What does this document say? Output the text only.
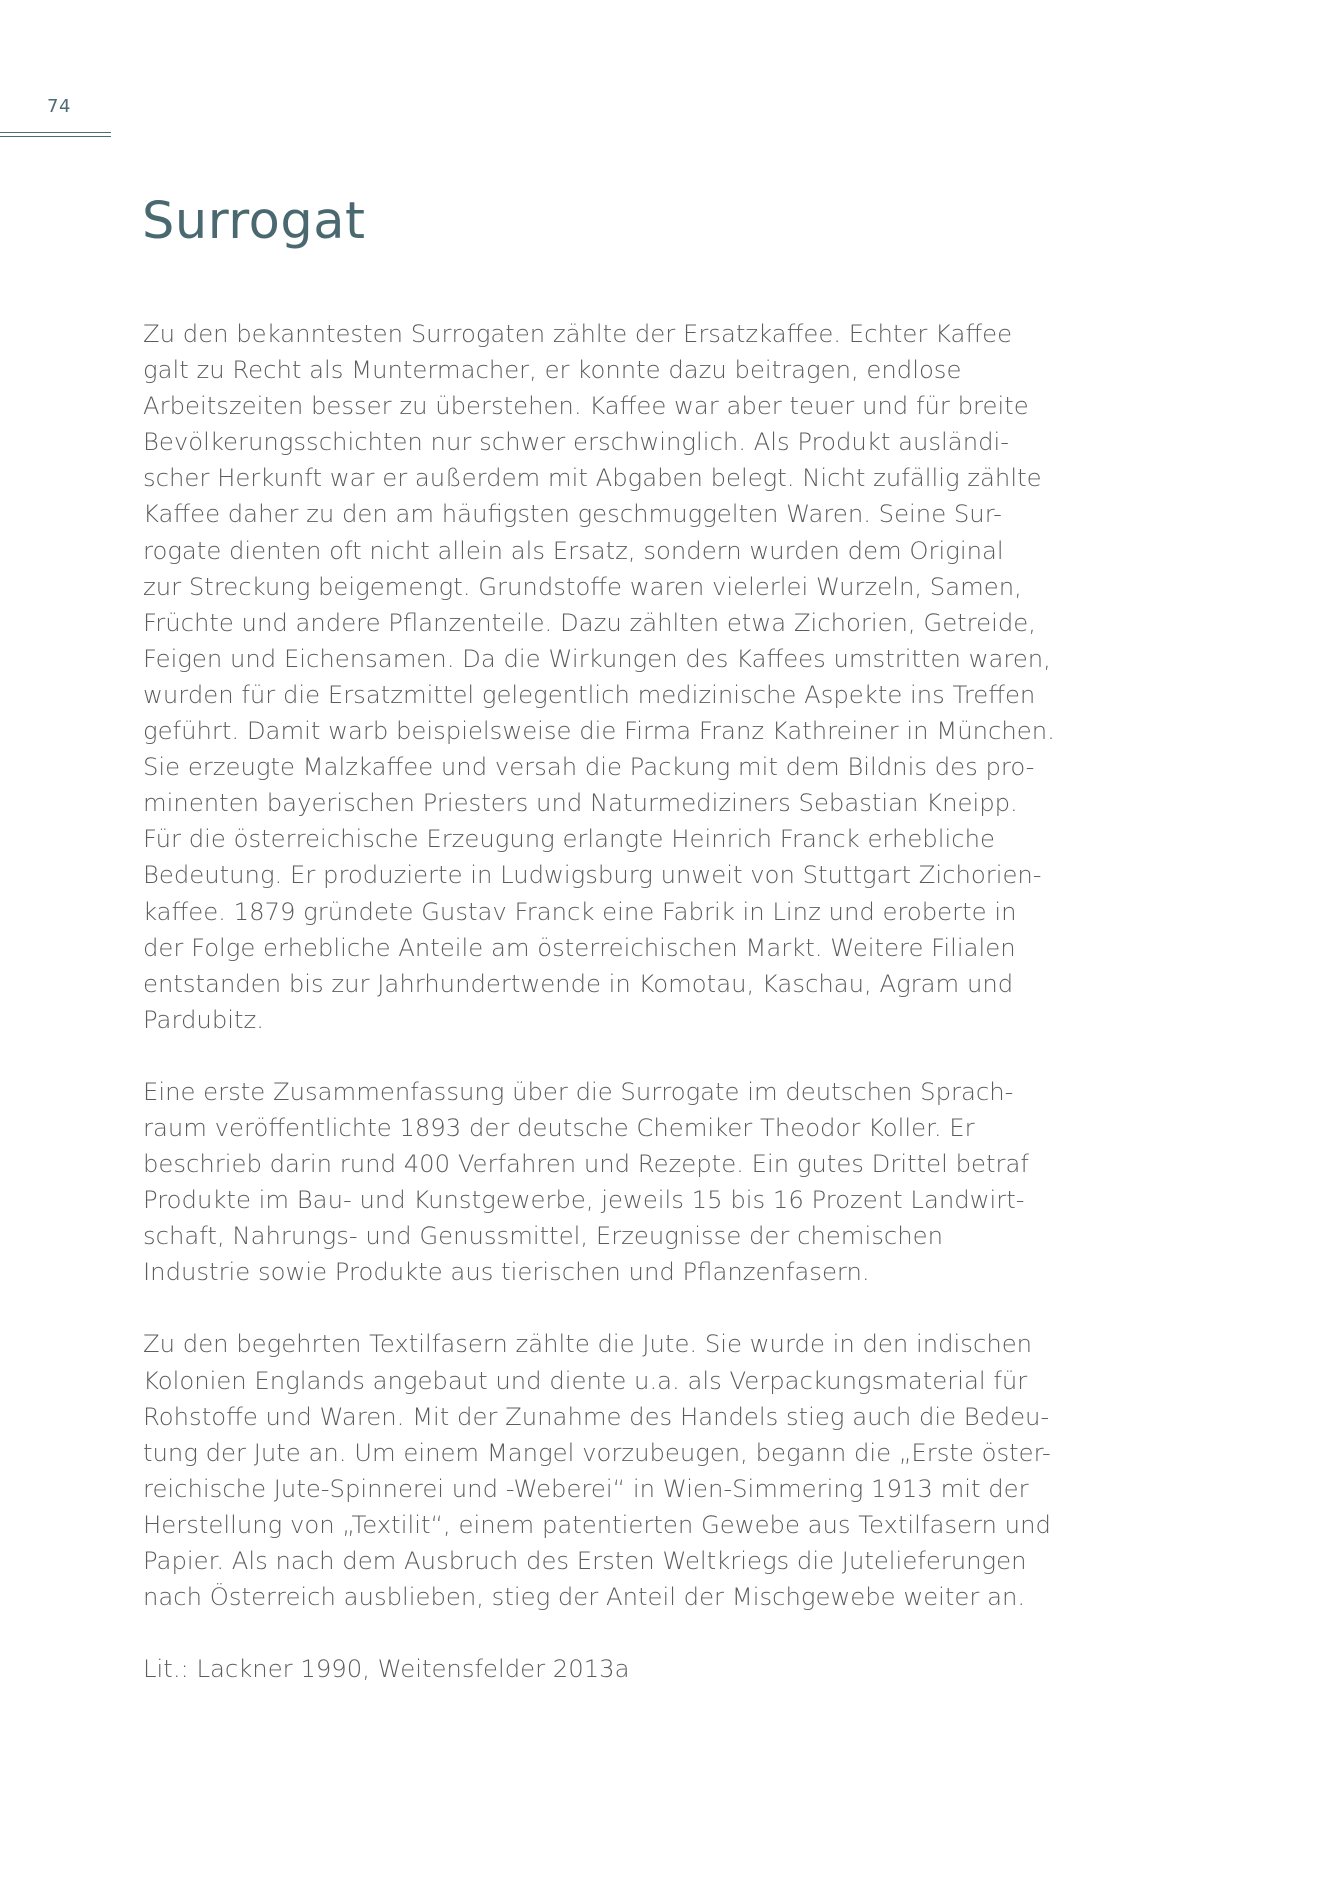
74
Surrogat

Zu den bekanntesten Surrogaten zählte der Ersatzkaffee. Echter Kaffee
galt zu Recht als Muntermacher, er konnte dazu beitragen, endlose
Arbeitszeiten besser zu überstehen. Kaffee war aber teuer und für breite
Bevölkerungsschichten nur schwer erschwinglich. Als Produkt ausländi-
scher Herkunft war er außerdem mit Abgaben belegt. Nicht zufällig zählte
Kaffee daher zu den am häufigsten geschmuggelten Waren. Seine Sur-
rogate dienten oft nicht allein als Ersatz, sondern wurden dem Original
zur Streckung beigemengt. Grundstoffe waren vielerlei Wurzeln, Samen,
Früchte und andere Pflanzenteile. Dazu zählten etwa Zichorien, Getreide,
Feigen und Eichensamen. Da die Wirkungen des Kaffees umstritten waren,
wurden für die Ersatzmittel gelegentlich medizinische Aspekte ins Treffen
geführt. Damit warb beispielsweise die Firma Franz Kathreiner in München.
Sie erzeugte Malzkaffee und versah die Packung mit dem Bildnis des pro-
minenten bayerischen Priesters und Naturmediziners Sebastian Kneipp.
Für die österreichische Erzeugung erlangte Heinrich Franck erhebliche
Bedeutung. Er produzierte in Ludwigsburg unweit von Stuttgart Zichorien-
kaffee. 1879 gründete Gustav Franck eine Fabrik in Linz und eroberte in
der Folge erhebliche Anteile am österreichischen Markt. Weitere Filialen
entstanden bis zur Jahrhundertwende in Komotau, Kaschau, Agram und
Pardubitz.

Eine erste Zusammenfassung über die Surrogate im deutschen Sprach-
raum veröffentlichte 1893 der deutsche Chemiker Theodor Koller. Er
beschrieb darin rund 400 Verfahren und Rezepte. Ein gutes Drittel betraf
Produkte im Bau- und Kunstgewerbe, jeweils 15 bis 16 Prozent Landwirt-
schaft, Nahrungs- und Genussmittel, Erzeugnisse der chemischen
Industrie sowie Produkte aus tierischen und Pflanzenfasern.

Zu den begehrten Textilfasern zählte die Jute. Sie wurde in den indischen
Kolonien Englands angebaut und diente u.a. als Verpackungsmaterial für
Rohstoffe und Waren. Mit der Zunahme des Handels stieg auch die Bedeu-
tung der Jute an. Um einem Mangel vorzubeugen, begann die „Erste öster-
reichische Jute-Spinnerei und -Weberei“ in Wien-Simmering 1913 mit der
Herstellung von „Textilit“, einem patentierten Gewebe aus Textilfasern und
Papier. Als nach dem Ausbruch des Ersten Weltkriegs die Jutelieferungen
nach Österreich ausblieben, stieg der Anteil der Mischgewebe weiter an.

Lit.: Lackner 1990, Weitensfelder 2013a
